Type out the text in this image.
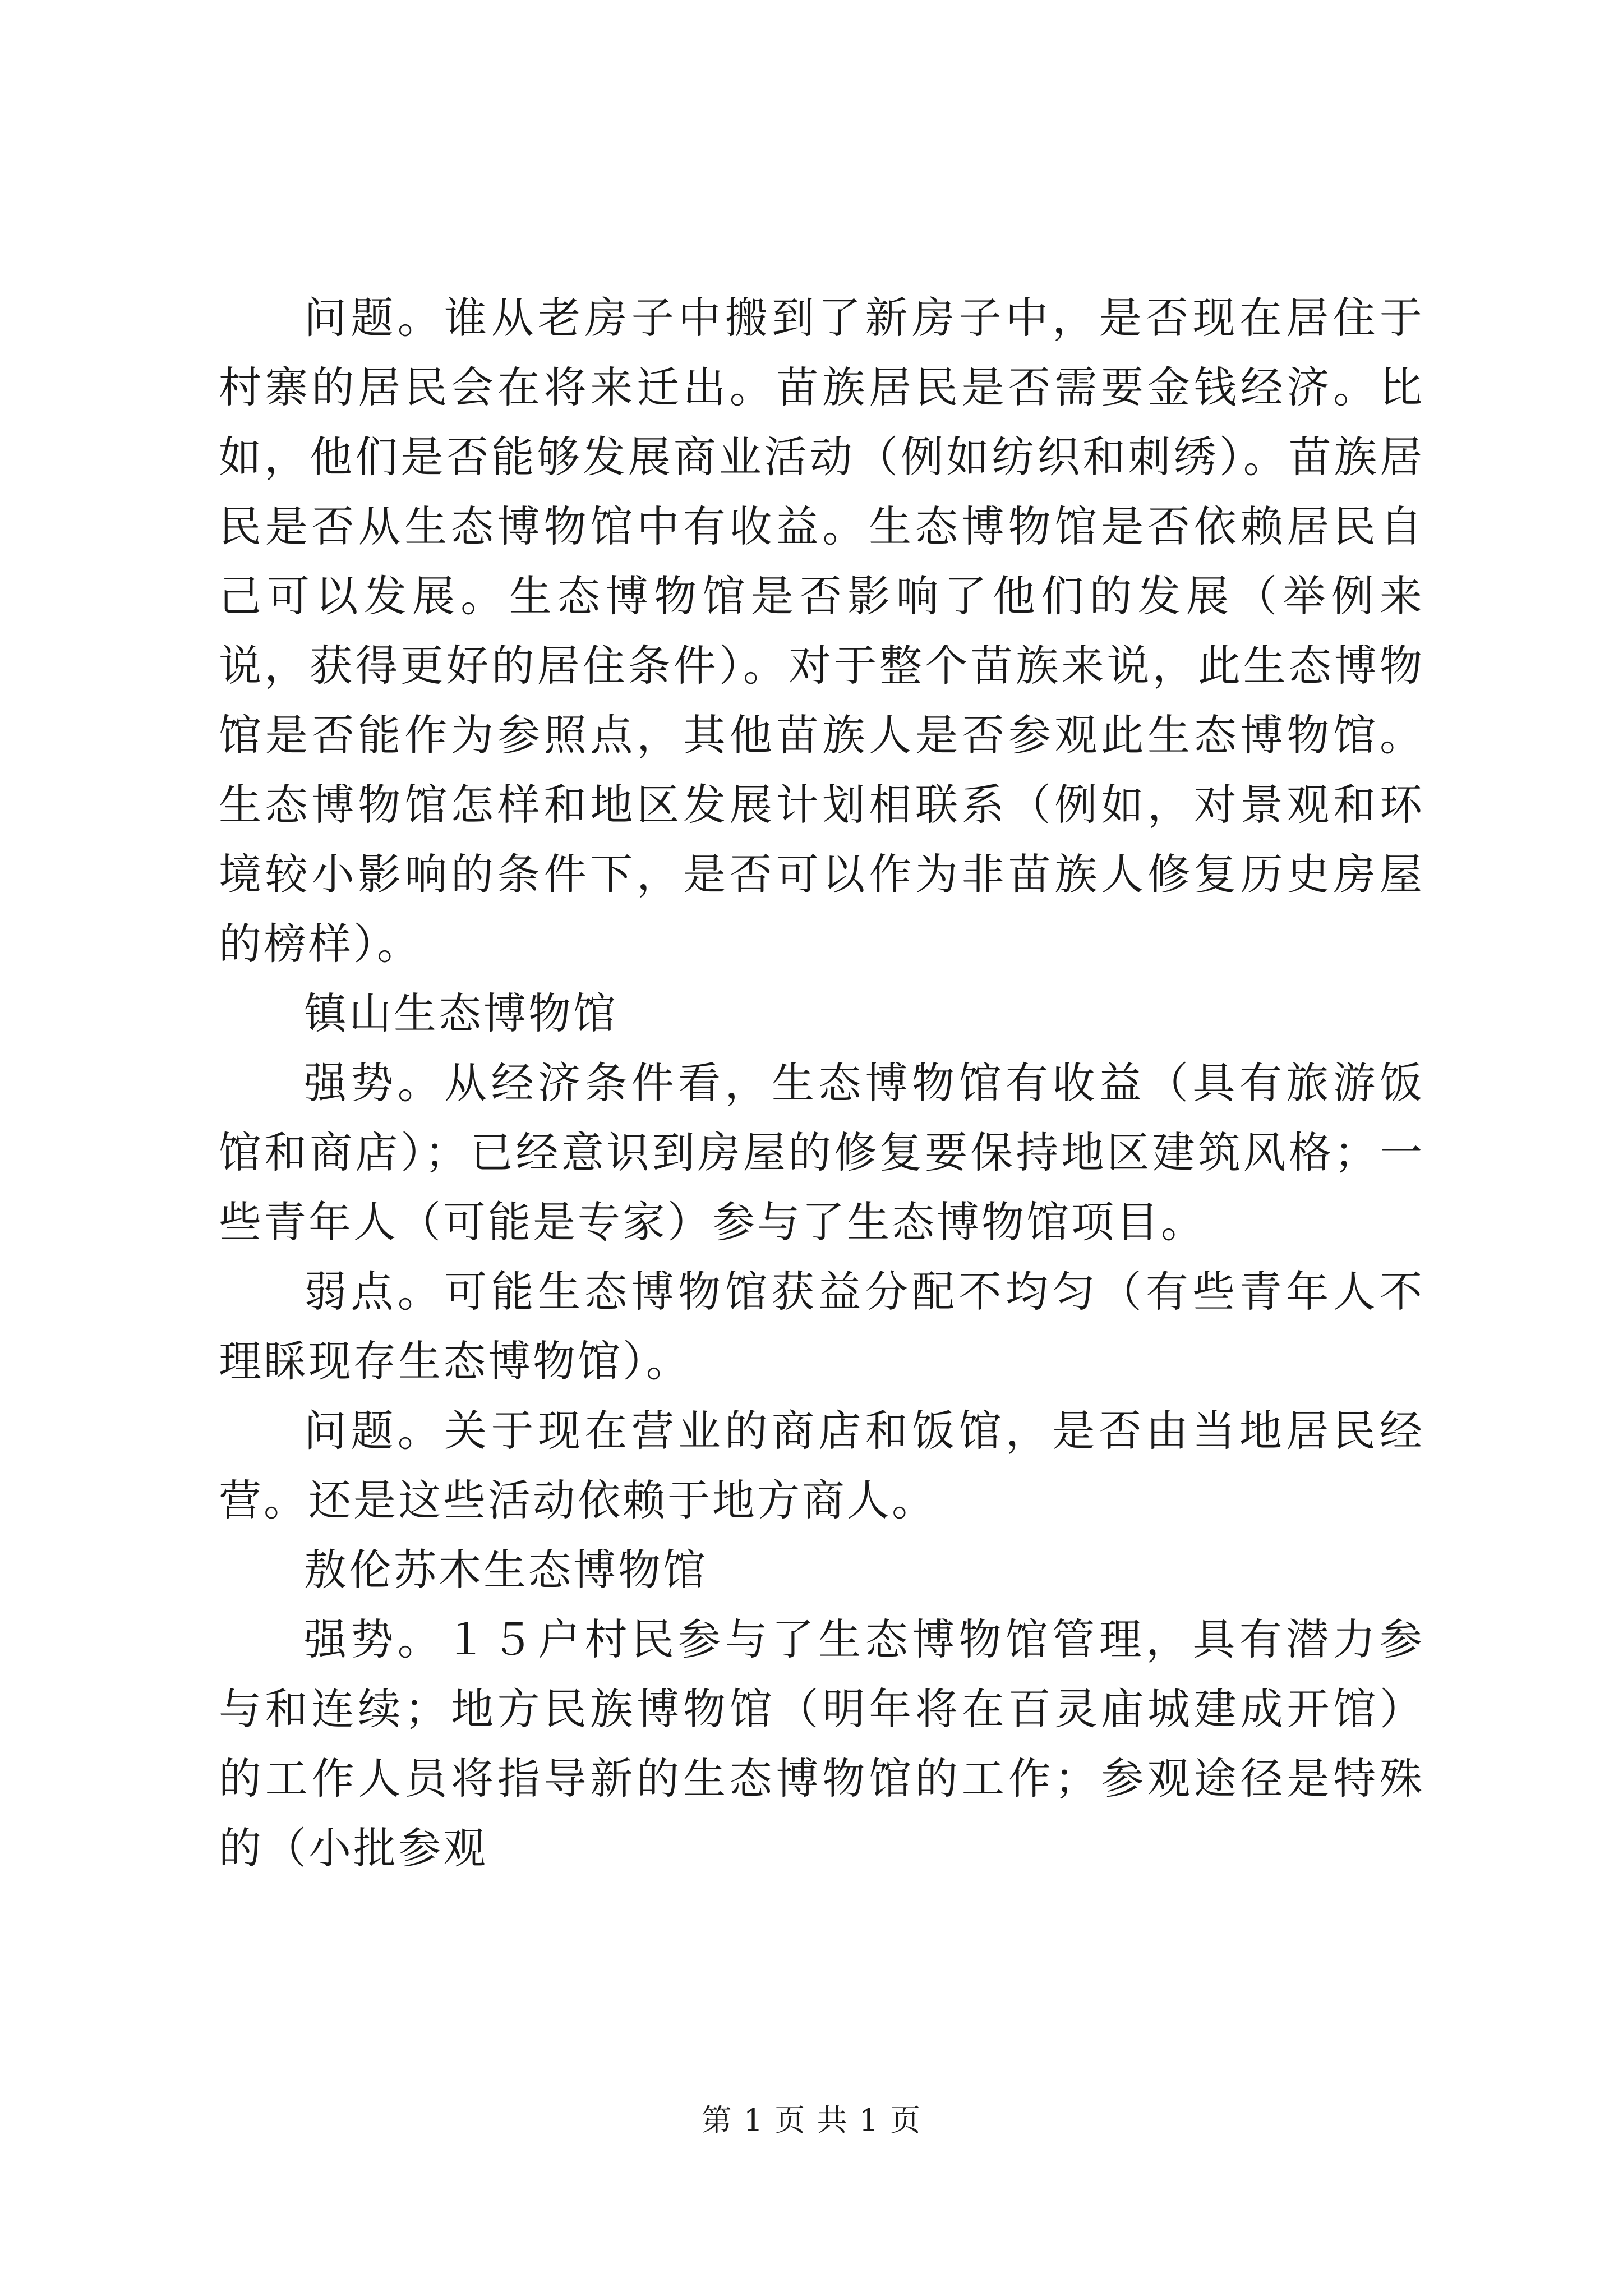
问题。谁从老房子中搬到了新房子中，是否现在居住于村寨的居民会在将来迁出。苗族居民是否需要金钱经济。比如，他们是否能够发展商业活动（例如纺织和刺绣）。苗族居民是否从生态博物馆中有收益。生态博物馆是否依赖居民自己可以发展。生态博物馆是否影响了他们的发展（举例来说，获得更好的居住条件）。对于整个苗族来说，此生态博物馆是否能作为参照点，其他苗族人是否参观此生态博物馆。生态博物馆怎样和地区发展计划相联系（例如，对景观和环境较小影响的条件下，是否可以作为非苗族人修复历史房屋的榜样）。

镇山生态博物馆

强势。从经济条件看，生态博物馆有收益（具有旅游饭馆和商店）；已经意识到房屋的修复要保持地区建筑风格；一些青年人（可能是专家）参与了生态博物馆项目。

弱点。可能生态博物馆获益分配不均匀（有些青年人不理睬现存生态博物馆）。

问题。关于现在营业的商店和饭馆，是否由当地居民经营。还是这些活动依赖于地方商人。

敖伦苏木生态博物馆

强势。１５户村民参与了生态博物馆管理，具有潜力参与和连续；地方民族博物馆（明年将在百灵庙城建成开馆）的工作人员将指导新的生态博物馆的工作；参观途径是特殊的（小批参观

第 1 页 共 1 页
